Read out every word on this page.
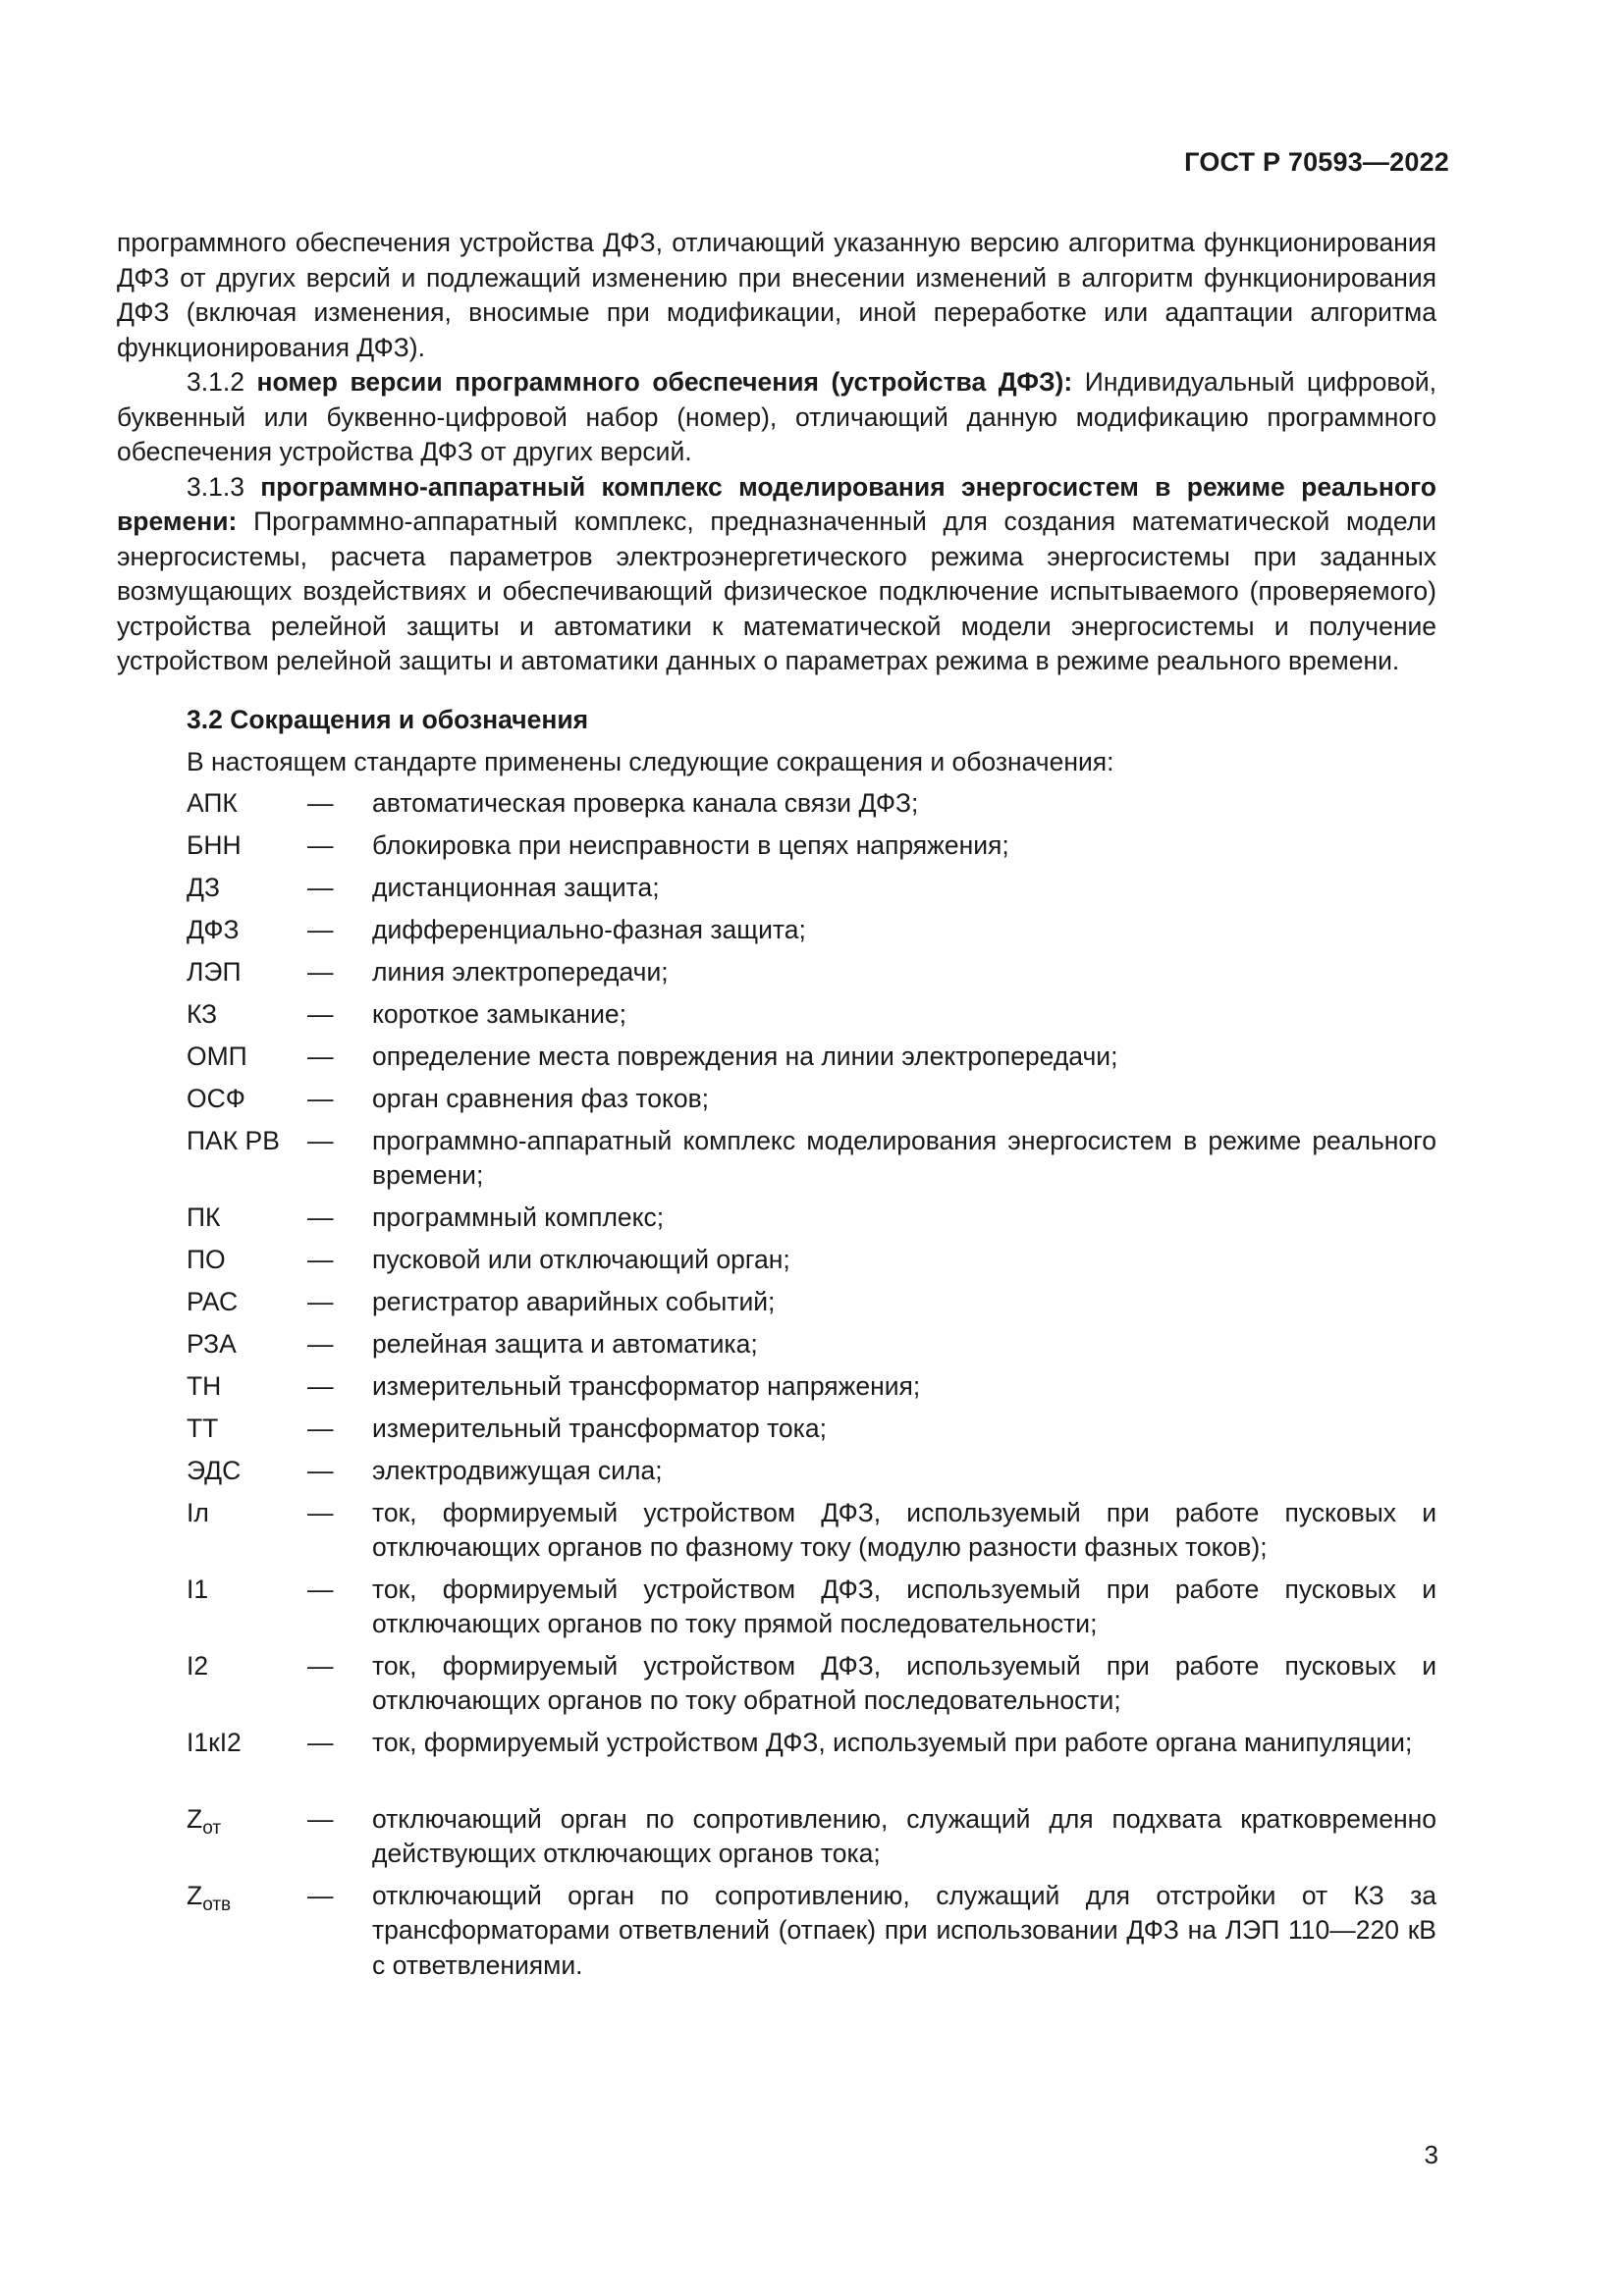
ГОСТ Р 70593—2022

программного обеспечения устройства ДФЗ, отличающий указанную версию алгоритма функционирования ДФЗ от других версий и подлежащий изменению при внесении изменений в алгоритм функционирования ДФЗ (включая изменения, вносимые при модификации, иной переработке или адаптации алгоритма функционирования ДФЗ).

3.1.2 номер версии программного обеспечения (устройства ДФЗ): Индивидуальный цифровой, буквенный или буквенно-цифровой набор (номер), отличающий данную модификацию программного обеспечения устройства ДФЗ от других версий.

3.1.3 программно-аппаратный комплекс моделирования энергосистем в режиме реального времени: Программно-аппаратный комплекс, предназначенный для создания математической модели энергосистемы, расчета параметров электроэнергетического режима энергосистемы при заданных возмущающих воздействиях и обеспечивающий физическое подключение испытываемого (проверяемого) устройства релейной защиты и автоматики к математической модели энергосистемы и получение устройством релейной защиты и автоматики данных о параметрах режима в режиме реального времени.

3.2 Сокращения и обозначения

В настоящем стандарте применены следующие сокращения и обозначения:

АПК	—	автоматическая проверка канала связи ДФЗ;
БНН	—	блокировка при неисправности в цепях напряжения;
ДЗ	—	дистанционная защита;
ДФЗ	—	дифференциально-фазная защита;
ЛЭП	—	линия электропередачи;
КЗ	—	короткое замыкание;
ОМП	—	определение места повреждения на линии электропередачи;
ОСФ	—	орган сравнения фаз токов;
ПАК РВ	—	программно-аппаратный комплекс моделирования энергосистем в режиме реального времени;
ПК	—	программный комплекс;
ПО	—	пусковой или отключающий орган;
РАС	—	регистратор аварийных событий;
РЗА	—	релейная защита и автоматика;
ТН	—	измерительный трансформатор напряжения;
ТТ	—	измерительный трансформатор тока;
ЭДС	—	электродвижущая сила;
Iл	—	ток, формируемый устройством ДФЗ, используемый при работе пусковых и отключающих органов по фазному току (модулю разности фазных токов);
I1	—	ток, формируемый устройством ДФЗ, используемый при работе пусковых и отключающих органов по току прямой последовательности;
I2	—	ток, формируемый устройством ДФЗ, используемый при работе пусковых и отключающих органов по току обратной последовательности;
I1кI2	—	ток, формируемый устройством ДФЗ, используемый при работе органа манипуляции;
$Z_{от}$	—	отключающий орган по сопротивлению, служащий для подхвата кратковременно действующих отключающих органов тока;
$Z_{отв}$	—	отключающий орган по сопротивлению, служащий для отстройки от КЗ за трансформаторами ответвлений (отпаек) при использовании ДФЗ на ЛЭП 110—220 кВ с ответвлениями.
3
